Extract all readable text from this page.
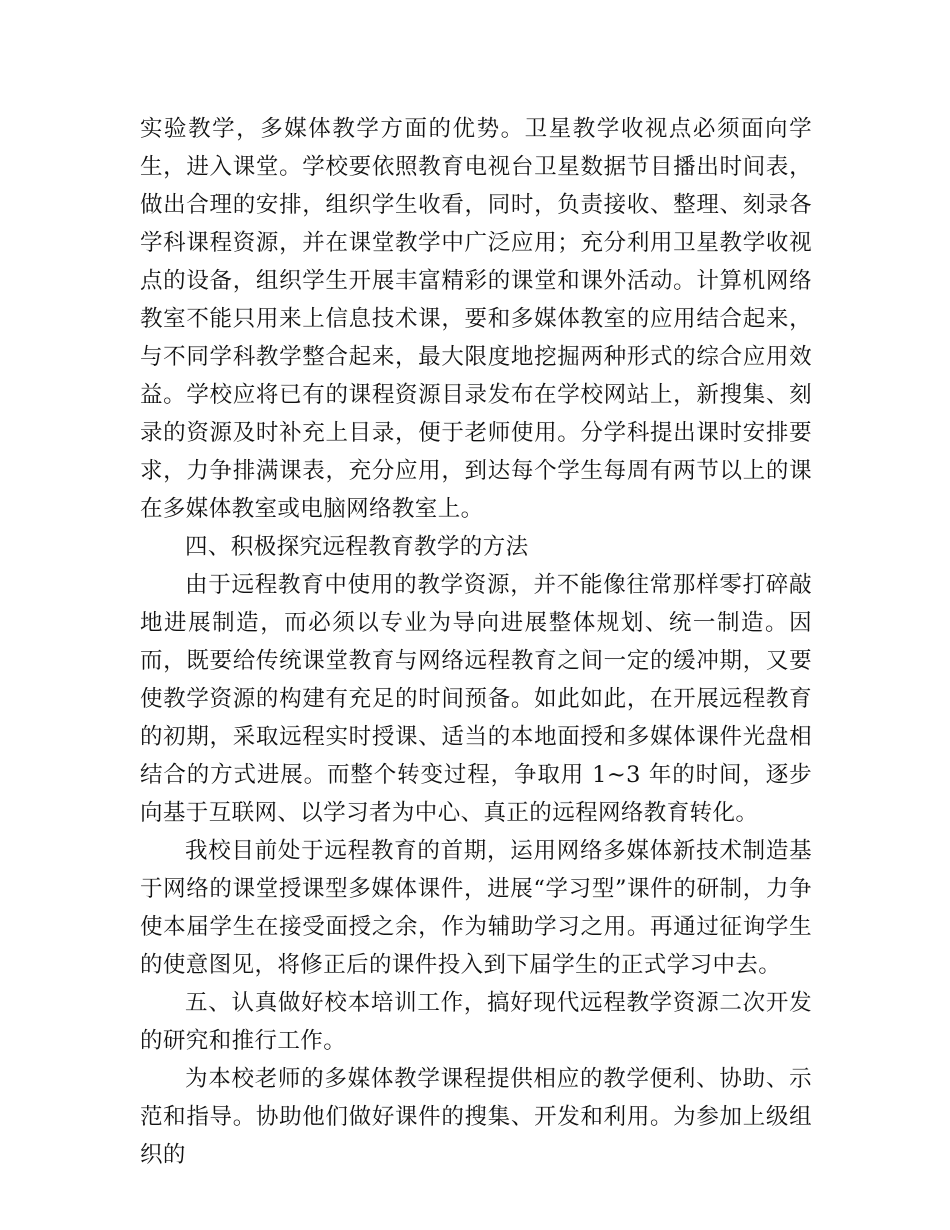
实验教学，多媒体教学方面的优势。卫星教学收视点必须面向学生，进入课堂。学校要依照教育电视台卫星数据节目播出时间表，做出合理的安排，组织学生收看，同时，负责接收、整理、刻录各学科课程资源，并在课堂教学中广泛应用；充分利用卫星教学收视点的设备，组织学生开展丰富精彩的课堂和课外活动。计算机网络教室不能只用来上信息技术课，要和多媒体教室的应用结合起来，与不同学科教学整合起来，最大限度地挖掘两种形式的综合应用效益。学校应将已有的课程资源目录发布在学校网站上，新搜集、刻录的资源及时补充上目录，便于老师使用。分学科提出课时安排要求，力争排满课表，充分应用，到达每个学生每周有两节以上的课在多媒体教室或电脑网络教室上。

四、积极探究远程教育教学的方法

由于远程教育中使用的教学资源，并不能像往常那样零打碎敲地进展制造，而必须以专业为导向进展整体规划、统一制造。因而，既要给传统课堂教育与网络远程教育之间一定的缓冲期，又要使教学资源的构建有充足的时间预备。如此如此，在开展远程教育的初期，采取远程实时授课、适当的本地面授和多媒体课件光盘相结合的方式进展。而整个转变过程，争取用 1~3 年的时间，逐步向基于互联网、以学习者为中心、真正的远程网络教育转化。

我校目前处于远程教育的首期，运用网络多媒体新技术制造基于网络的课堂授课型多媒体课件，进展“学习型”课件的研制，力争使本届学生在接受面授之余，作为辅助学习之用。再通过征询学生的使意图见，将修正后的课件投入到下届学生的正式学习中去。

五、认真做好校本培训工作，搞好现代远程教学资源二次开发的研究和推行工作。

为本校老师的多媒体教学课程提供相应的教学便利、协助、示范和指导。协助他们做好课件的搜集、开发和利用。为参加上级组织的
